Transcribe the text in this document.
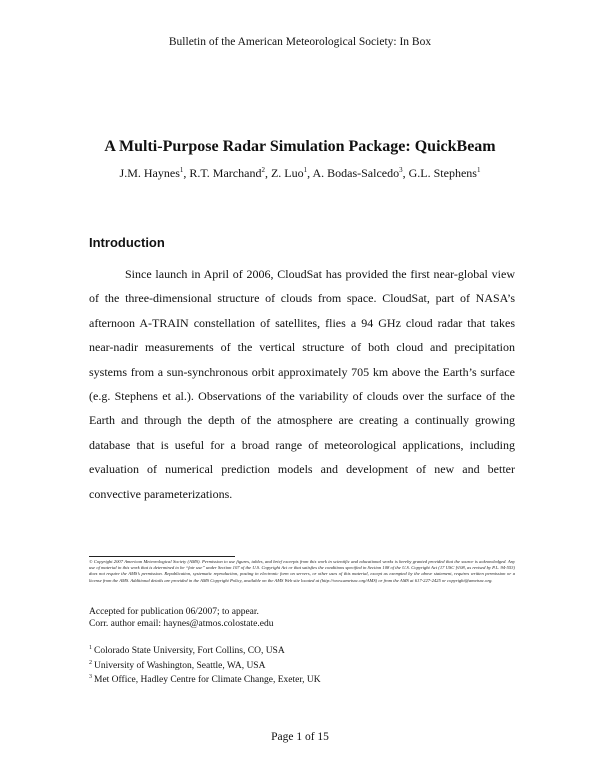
Bulletin of the American Meteorological Society: In Box
A Multi-Purpose Radar Simulation Package: QuickBeam
J.M. Haynes$^1$, R.T. Marchand$^2$, Z. Luo$^1$, A. Bodas-Salcedo$^3$, G.L. Stephens$^1$
Introduction

Since launch in April of 2006, CloudSat has provided the first near-global view of the three-dimensional structure of clouds from space. CloudSat, part of NASA’s afternoon A-TRAIN constellation of satellites, flies a 94 GHz cloud radar that takes near-nadir measurements of the vertical structure of both cloud and precipitation systems from a sun-synchronous orbit approximately 705 km above the Earth’s surface (e.g. Stephens et al.). Observations of the variability of clouds over the surface of the Earth and through the depth of the atmosphere are creating a continually growing database that is useful for a broad range of meteorological applications, including evaluation of numerical prediction models and development of new and better convective parameterizations.

© Copyright 2007 American Meteorological Society (AMS). Permission to use figures, tables, and brief excerpts from this work in scientific and educational works is hereby granted provided that the source is acknowledged. Any use of material in this work that is determined to be “fair use” under Section 107 of the U.S. Copyright Act or that satisfies the conditions specified in Section 108 of the U.S. Copyright Act (17 USC §108, as revised by P.L. 94-553) does not require the AMS’s permission. Republication, systematic reproduction, posting in electronic form on servers, or other uses of this material, except as exempted by the above statement, requires written permission or a license from the AMS. Additional details are provided in the AMS Copyright Policy, available on the AMS Web site located at (http://www.ametsoc.org/AMS) or from the AMS at 617-227-2425 or copyright@ametsoc.org.

Accepted for publication 06/2007; to appear.
Corr. author email: haynes@atmos.colostate.edu
$^1$ Colorado State University, Fort Collins, CO, USA
$^2$ University of Washington, Seattle, WA, USA
$^3$ Met Office, Hadley Centre for Climate Change, Exeter, UK
Page 1 of 15
